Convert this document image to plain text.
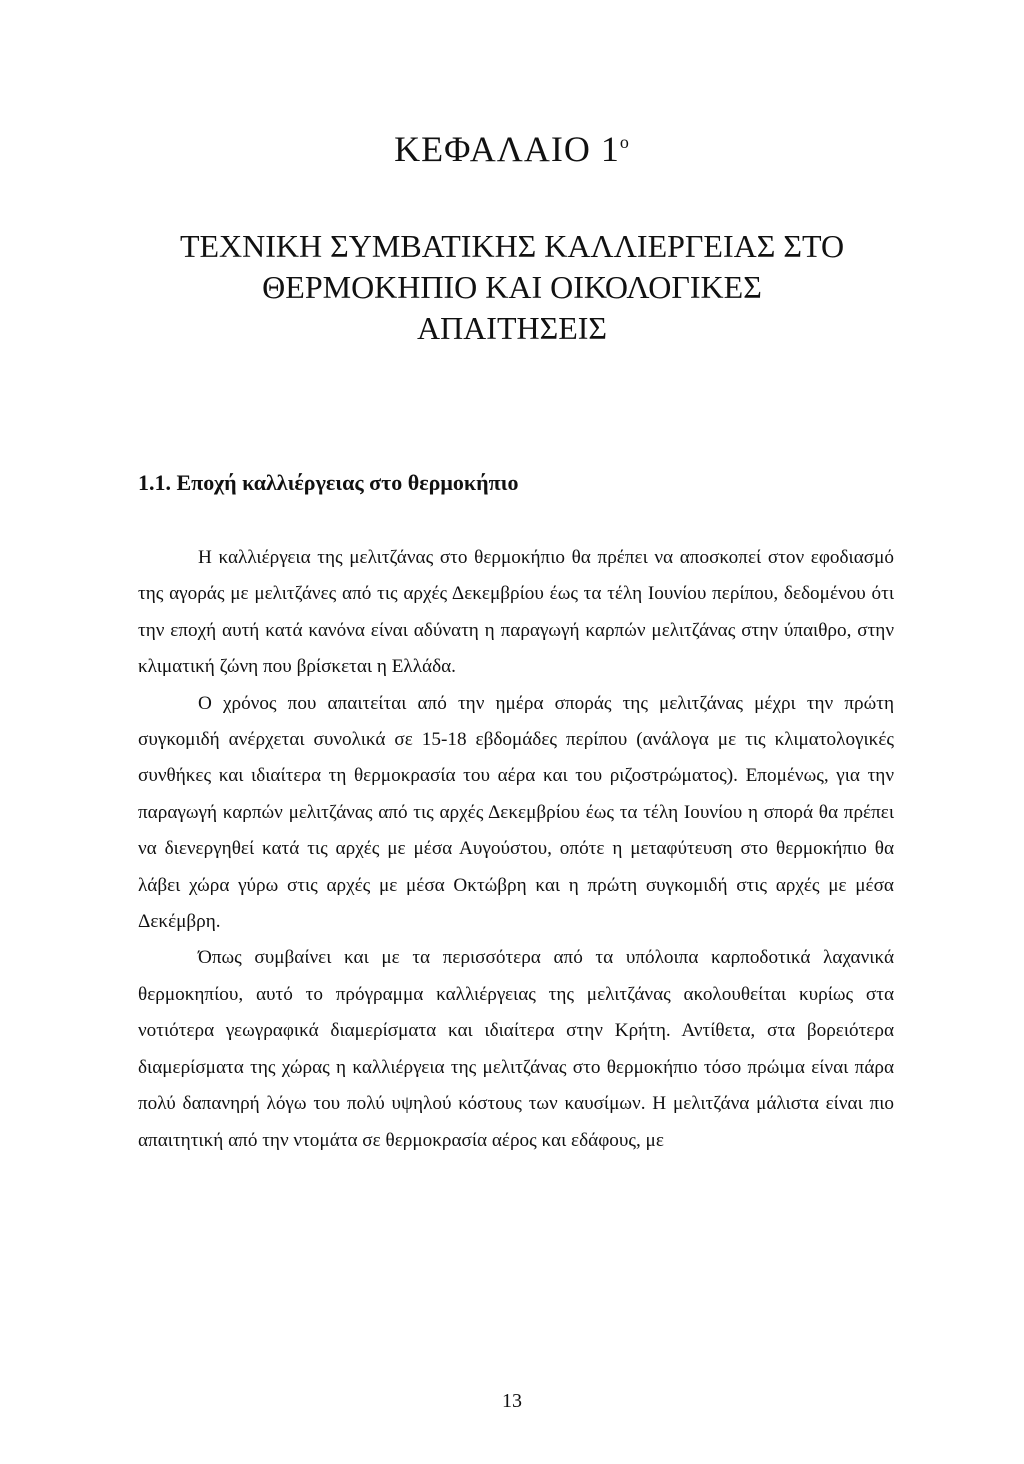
ΚΕΦΑΛΑΙΟ $1^o$
ΤΕΧΝΙΚΗ ΣΥΜΒΑΤΙΚΗΣ ΚΑΛΛΙΕΡΓΕΙΑΣ ΣΤΟ
ΘΕΡΜΟΚΗΠΙΟ ΚΑΙ ΟΙΚΟΛΟΓΙΚΕΣ
ΑΠΑΙΤΗΣΕΙΣ
1.1. Εποχή καλλιέργειας στο θερμοκήπιο

Η καλλιέργεια της μελιτζάνας στο θερμοκήπιο θα πρέπει να αποσκοπεί στον εφοδιασμό της αγοράς με μελιτζάνες από τις αρχές Δεκεμβρίου έως τα τέλη Ιουνίου περίπου, δεδομένου ότι την εποχή αυτή κατά κανόνα είναι αδύνατη η παραγωγή καρπών μελιτζάνας στην ύπαιθρο, στην κλιματική ζώνη που βρίσκεται η Ελλάδα.

Ο χρόνος που απαιτείται από την ημέρα σποράς της μελιτζάνας μέχρι την πρώτη συγκομιδή ανέρχεται συνολικά σε 15-18 εβδομάδες περίπου (ανάλογα με τις κλιματολογικές συνθήκες και ιδιαίτερα τη θερμοκρασία του αέρα και του ριζοστρώματος). Επομένως, για την παραγωγή καρπών μελιτζάνας από τις αρχές Δεκεμβρίου έως τα τέλη Ιουνίου η σπορά θα πρέπει να διενεργηθεί κατά τις αρχές με μέσα Αυγούστου, οπότε η μεταφύτευση στο θερμοκήπιο θα λάβει χώρα γύρω στις αρχές με μέσα Οκτώβρη και η πρώτη συγκομιδή στις αρχές με μέσα Δεκέμβρη.

Όπως συμβαίνει και με τα περισσότερα από τα υπόλοιπα καρποδοτικά λαχανικά θερμοκηπίου, αυτό το πρόγραμμα καλλιέργειας της μελιτζάνας ακολουθείται κυρίως στα νοτιότερα γεωγραφικά διαμερίσματα και ιδιαίτερα στην Κρήτη. Αντίθετα, στα βορειότερα διαμερίσματα της χώρας η καλλιέργεια της μελιτζάνας στο θερμοκήπιο τόσο πρώιμα είναι πάρα πολύ δαπανηρή λόγω του πολύ υψηλού κόστους των καυσίμων. Η μελιτζάνα μάλιστα είναι πιο απαιτητική από την ντομάτα σε θερμοκρασία αέρος και εδάφους, με

13
